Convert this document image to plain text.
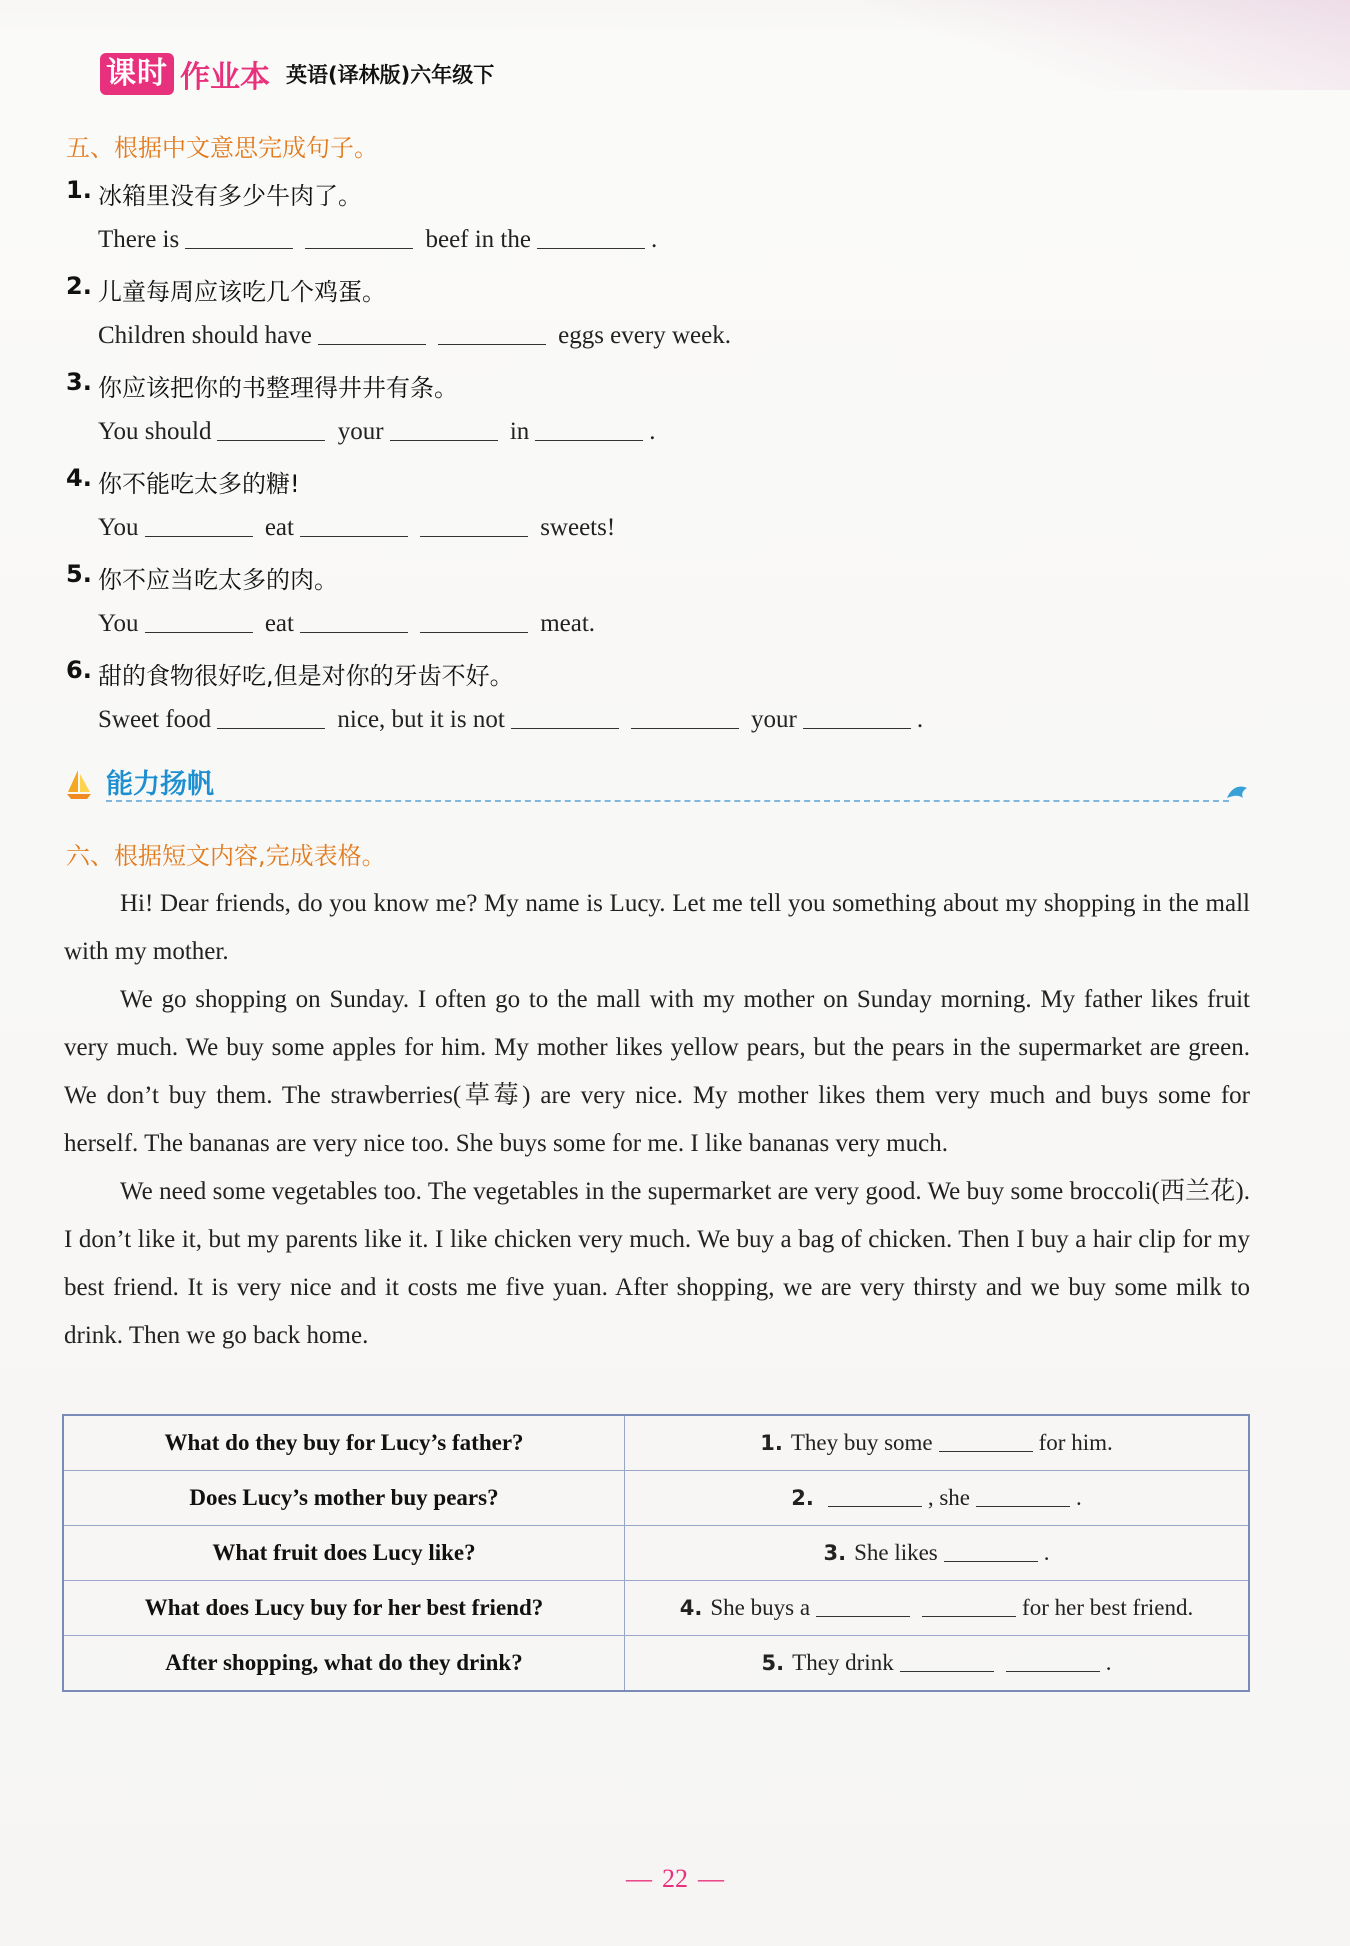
课时 作业本 英语(译林版)六年级下
五、根据中文意思完成句子。
1. 冰箱里没有多少牛肉了。
There is	beef in the	.
2. 儿童每周应该吃几个鸡蛋。
Children should have	eggs every week.
3. 你应该把你的书整理得井井有条。
You should	your	in	.
4. 你不能吃太多的糖!
You	eat	sweets!
5. 你不应当吃太多的肉。
You	eat	meat.
6. 甜的食物很好吃,但是对你的牙齿不好。
Sweet food	nice, but it is not	your	.
能力扬帆
六、根据短文内容,完成表格。

Hi! Dear friends, do you know me? My name is Lucy. Let me tell you something about my shopping in the mall with my mother.

We go shopping on Sunday. I often go to the mall with my mother on Sunday morning. My father likes fruit very much. We buy some apples for him. My mother likes yellow pears, but the pears in the supermarket are green. We don’t buy them. The strawberries(草莓) are very nice. My mother likes them very much and buys some for herself. The bananas are very nice too. She buys some for me. I like bananas very much.

We need some vegetables too. The vegetables in the supermarket are very good. We buy some broccoli(西兰花). I don’t like it, but my parents like it. I like chicken very much. We buy a bag of chicken. Then I buy a hair clip for my best friend. It is very nice and it costs me five yuan. After shopping, we are very thirsty and we buy some milk to drink. Then we go back home.

What do they buy for Lucy’s father?	1. They buy some for him.
Does Lucy’s mother buy pears?	2. , she .
What fruit does Lucy like?	3. She likes .
What does Lucy buy for her best friend?	4. She buys a for her best friend.
After shopping, what do they drink?	5. They drink .
— 22 —
